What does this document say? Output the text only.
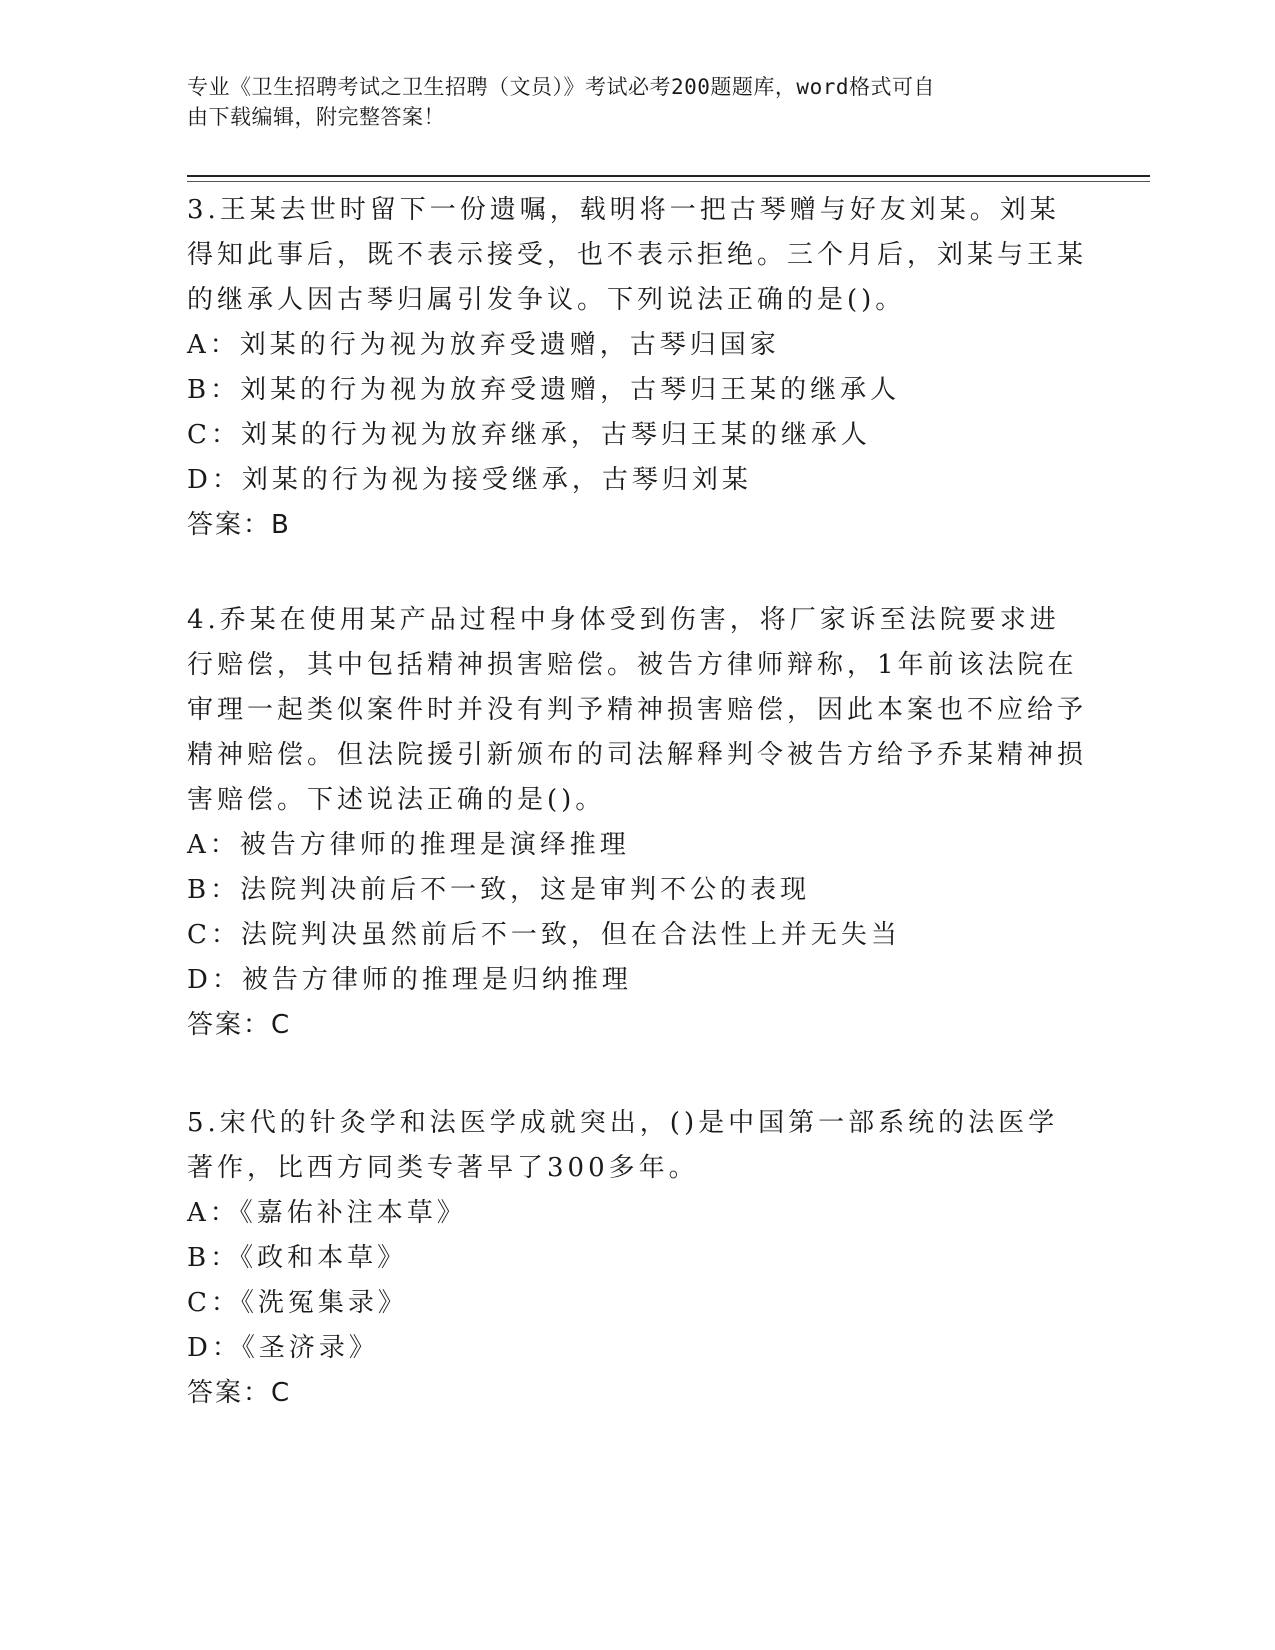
专业《卫生招聘考试之卫生招聘（文员）》考试必考200题题库，word格式可自
由下载编辑，附完整答案！

3.王某去世时留下一份遗嘱，载明将一把古琴赠与好友刘某。刘某得知此事后，既不表示接受，也不表示拒绝。三个月后，刘某与王某的继承人因古琴归属引发争议。下列说法正确的是()。

A：刘某的行为视为放弃受遗赠，古琴归国家

B：刘某的行为视为放弃受遗赠，古琴归王某的继承人

C：刘某的行为视为放弃继承，古琴归王某的继承人

D：刘某的行为视为接受继承，古琴归刘某

答案：B

4.乔某在使用某产品过程中身体受到伤害，将厂家诉至法院要求进行赔偿，其中包括精神损害赔偿。被告方律师辩称，1年前该法院在审理一起类似案件时并没有判予精神损害赔偿，因此本案也不应给予精神赔偿。但法院援引新颁布的司法解释判令被告方给予乔某精神损害赔偿。下述说法正确的是()。

A：被告方律师的推理是演绎推理

B：法院判决前后不一致，这是审判不公的表现

C：法院判决虽然前后不一致，但在合法性上并无失当

D：被告方律师的推理是归纳推理

答案：C

5.宋代的针灸学和法医学成就突出，()是中国第一部系统的法医学著作，比西方同类专著早了300多年。

A：《嘉佑补注本草》

B：《政和本草》

C：《洗冤集录》

D：《圣济录》

答案：C
